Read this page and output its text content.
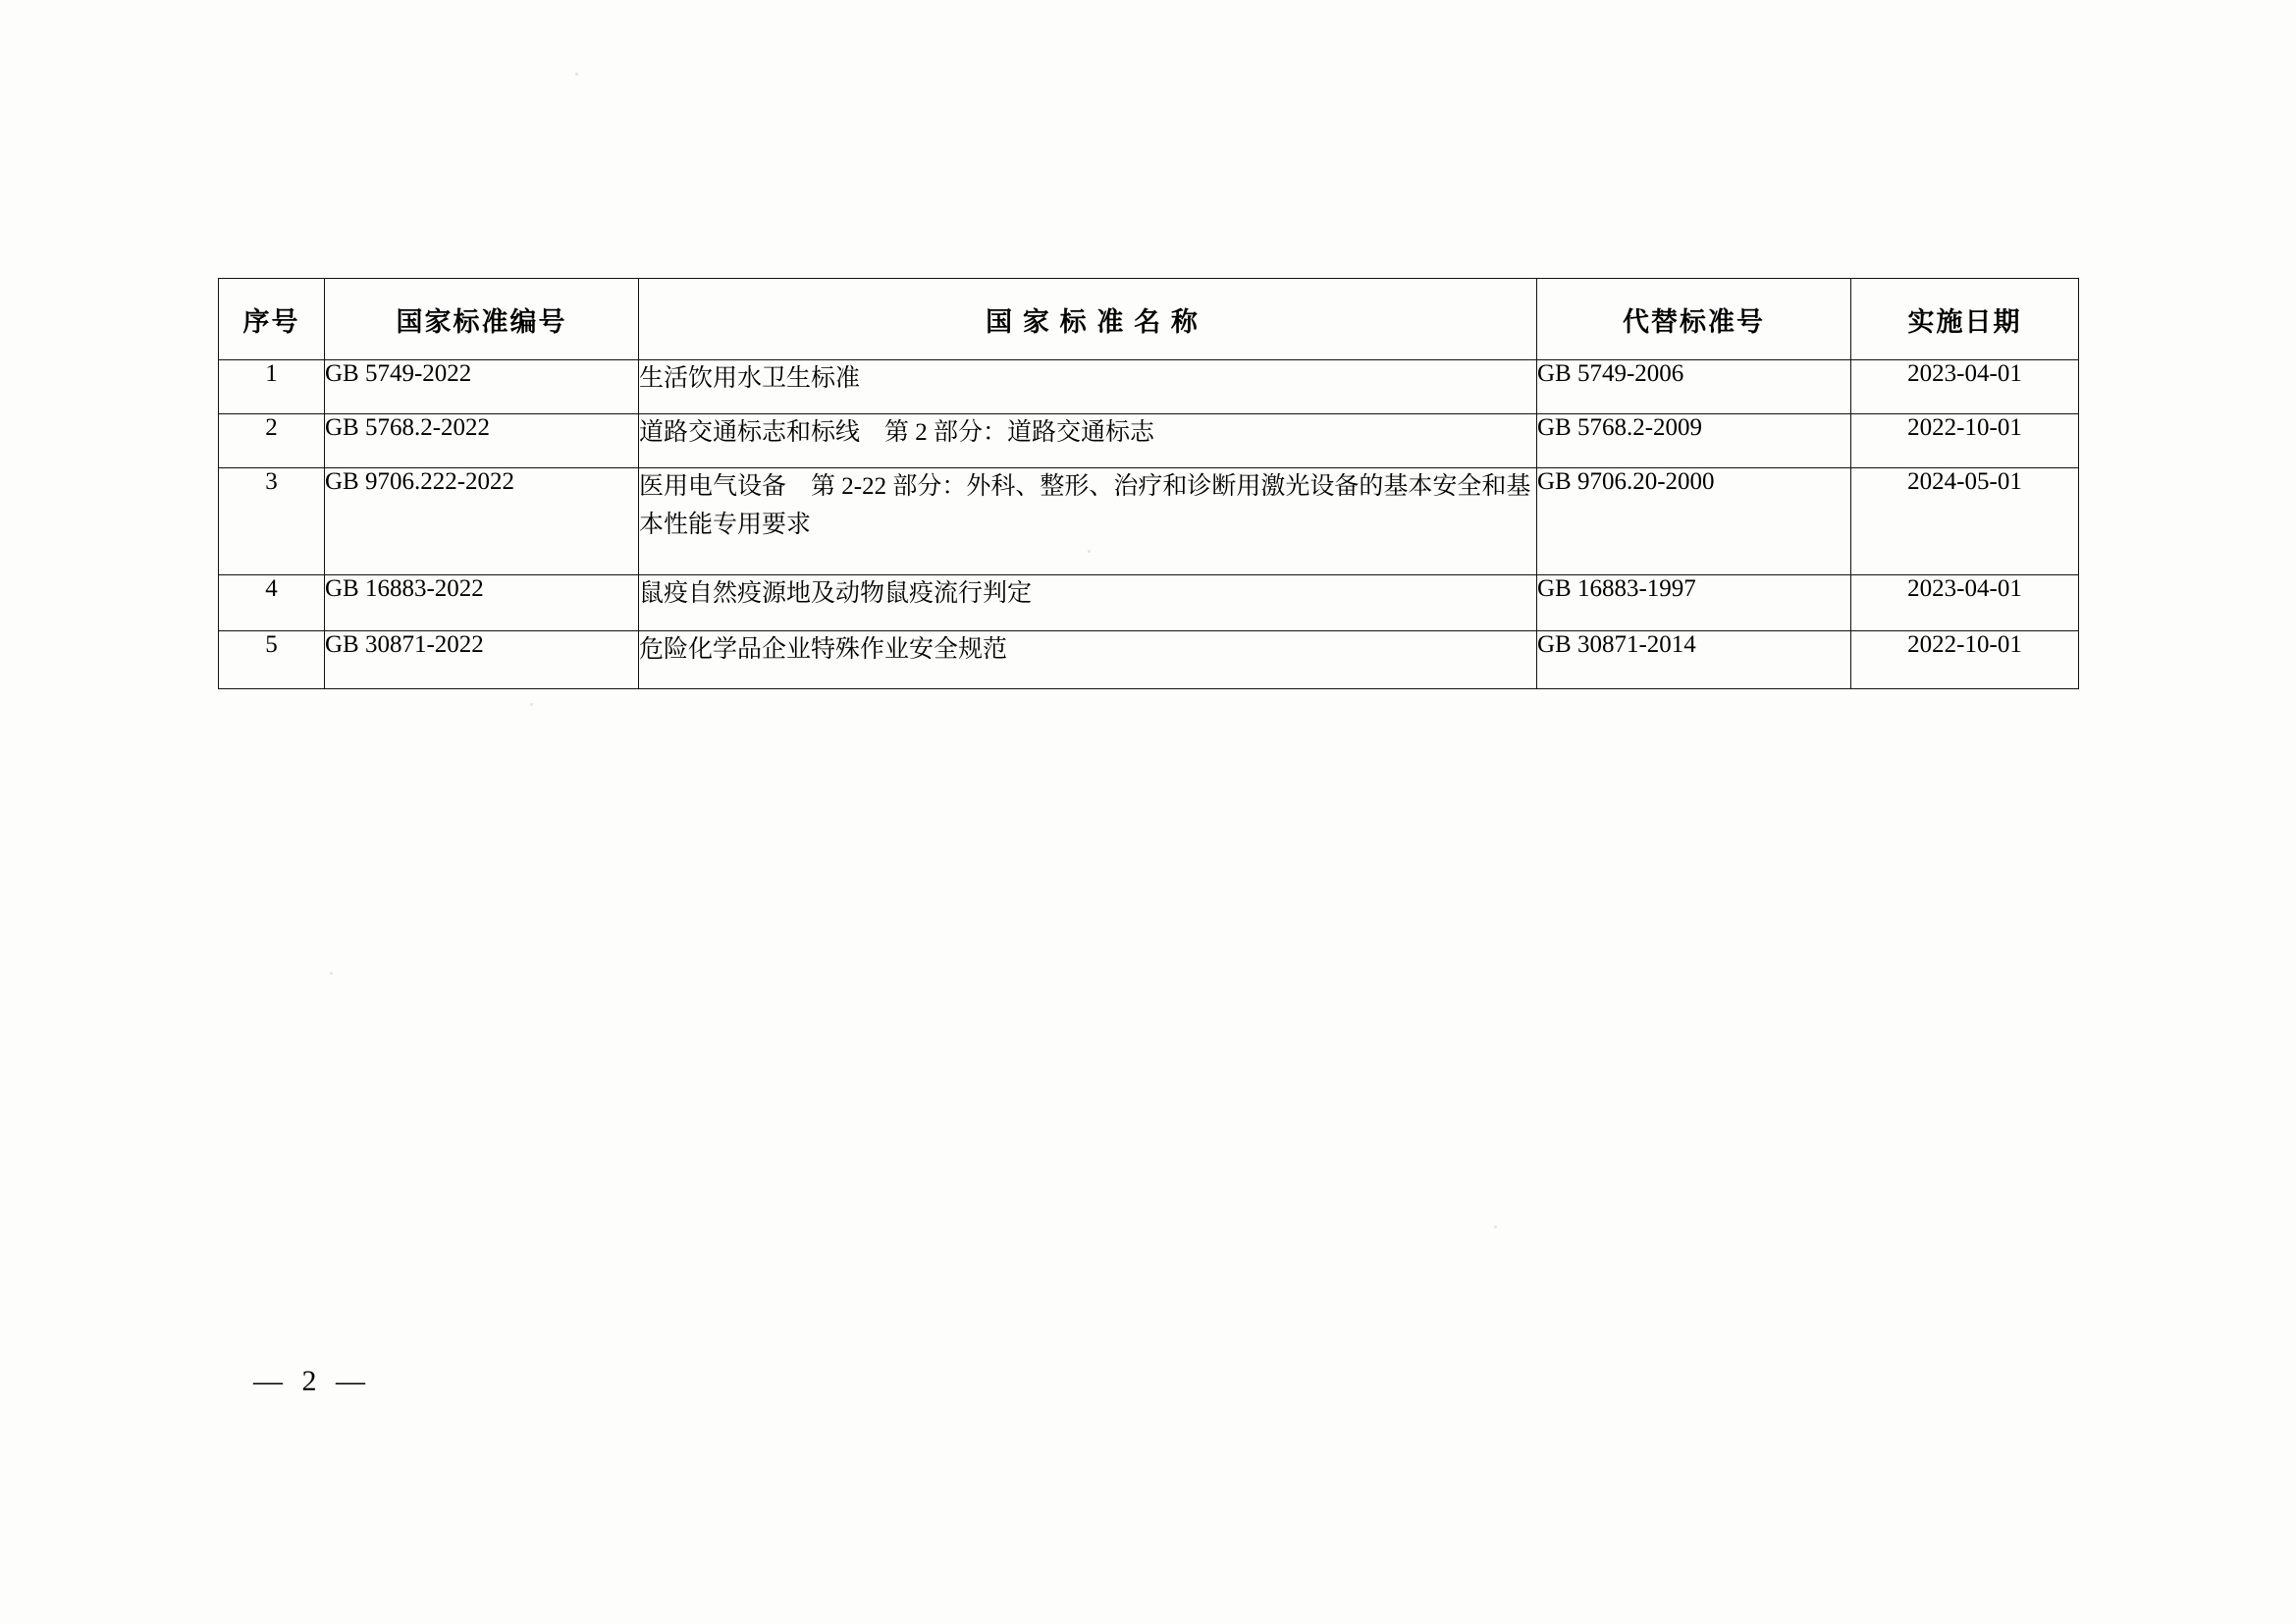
序号	国家标准编号	国 家 标 准 名 称	代替标准号	实施日期
1	GB 5749-2022	生活饮用水卫生标准	GB 5749-2006	2023-04-01
2	GB 5768.2-2022	道路交通标志和标线　第 2 部分：道路交通标志	GB 5768.2-2009	2022-10-01
3	GB 9706.222-2022	医用电气设备　第 2-22 部分：外科、整形、治疗和诊断用激光设备的基本安全和基本性能专用要求	GB 9706.20-2000	2024-05-01
4	GB 16883-2022	鼠疫自然疫源地及动物鼠疫流行判定	GB 16883-1997	2023-04-01
5	GB 30871-2022	危险化学品企业特殊作业安全规范	GB 30871-2014	2022-10-01
— 2 —
